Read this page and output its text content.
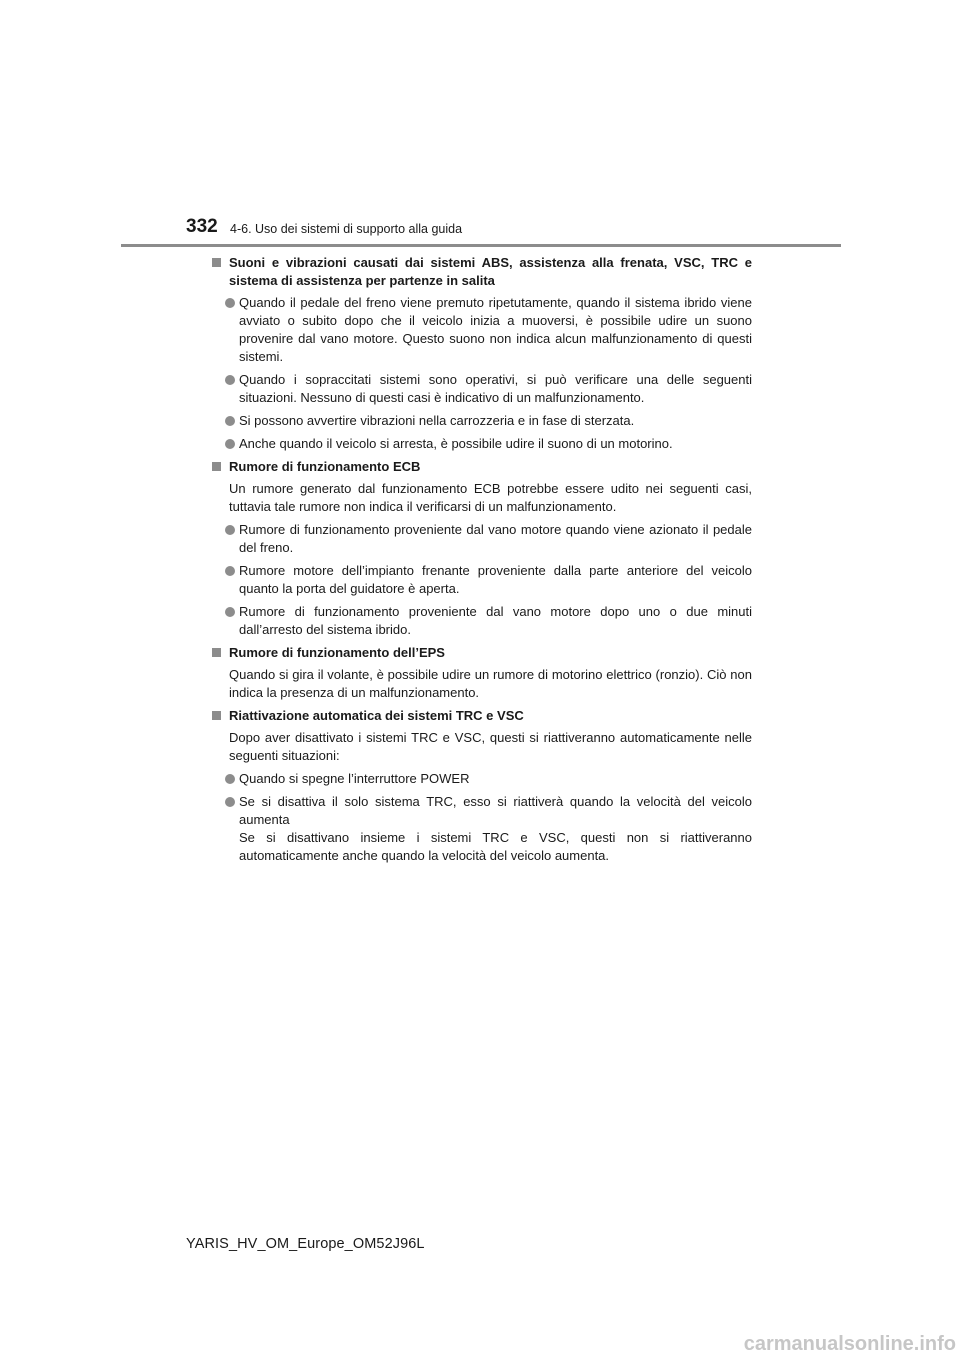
332 4-6. Uso dei sistemi di supporto alla guida
Suoni e vibrazioni causati dai sistemi ABS, assistenza alla frenata, VSC, TRC e sistema di assistenza per partenze in salita
Quando il pedale del freno viene premuto ripetutamente, quando il sistema ibrido viene avviato o subito dopo che il veicolo inizia a muoversi, è possibile udire un suono provenire dal vano motore. Questo suono non indica alcun malfunzionamento di questi sistemi.
Quando i sopraccitati sistemi sono operativi, si può verificare una delle seguenti situazioni. Nessuno di questi casi è indicativo di un malfunzionamento.
Si possono avvertire vibrazioni nella carrozzeria e in fase di sterzata.
Anche quando il veicolo si arresta, è possibile udire il suono di un motorino.
Rumore di funzionamento ECB
Un rumore generato dal funzionamento ECB potrebbe essere udito nei seguenti casi, tuttavia tale rumore non indica il verificarsi di un malfunzionamento.
Rumore di funzionamento proveniente dal vano motore quando viene azionato il pedale del freno.
Rumore motore dell’impianto frenante proveniente dalla parte anteriore del veicolo quanto la porta del guidatore è aperta.
Rumore di funzionamento proveniente dal vano motore dopo uno o due minuti dall’arresto del sistema ibrido.
Rumore di funzionamento dell’EPS
Quando si gira il volante, è possibile udire un rumore di motorino elettrico (ronzio). Ciò non indica la presenza di un malfunzionamento.
Riattivazione automatica dei sistemi TRC e VSC
Dopo aver disattivato i sistemi TRC e VSC, questi si riattiveranno automaticamente nelle seguenti situazioni:
Quando si spegne l’interruttore POWER
Se si disattiva il solo sistema TRC, esso si riattiverà quando la velocità del veicolo aumenta
Se si disattivano insieme i sistemi TRC e VSC, questi non si riattiveranno automaticamente anche quando la velocità del veicolo aumenta.
YARIS_HV_OM_Europe_OM52J96L
carmanualsonline.info
